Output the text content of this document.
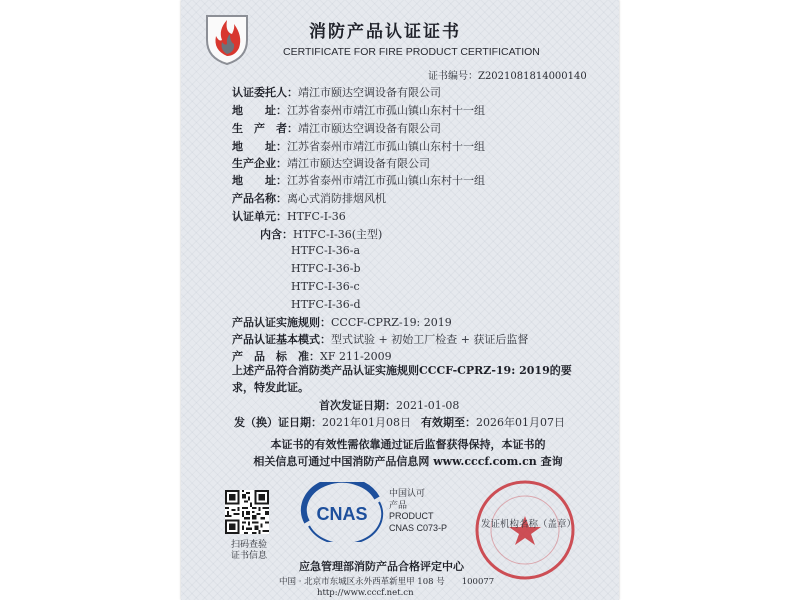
消防产品认证证书
CERTIFICATE FOR FIRE PRODUCT CERTIFICATION
证书编号：Z2021081814000140
认证委托人：靖江市颐达空调设备有限公司
地　　址：江苏省泰州市靖江市孤山镇山东村十一组
生　产　者：靖江市颐达空调设备有限公司
地　　址：江苏省泰州市靖江市孤山镇山东村十一组
生产企业：靖江市颐达空调设备有限公司
地　　址：江苏省泰州市靖江市孤山镇山东村十一组
产品名称：离心式消防排烟风机
认证单元：HTFC-Ⅰ-36
内含：HTFC-Ⅰ-36(主型)
HTFC-Ⅰ-36-a
HTFC-Ⅰ-36-b
HTFC-Ⅰ-36-c
HTFC-Ⅰ-36-d
产品认证实施规则：CCCF-CPRZ-19: 2019
产品认证基本模式：型式试验 + 初始工厂检查 + 获证后监督
产　品　标　准：XF 211-2009
上述产品符合消防类产品认证实施规则CCCF-CPRZ-19: 2019的要求，特发此证。
首次发证日期：2021-01-08
发（换）证日期：2021年01月08日 有效期至：2026年01月07日
本证书的有效性需依靠通过证后监督获得保持，本证书的
相关信息可通过中国消防产品信息网 www.cccf.com.cn 查询
扫码查验
证书信息
CNAS
中国认可
产品
PRODUCT
CNAS C073-P	发证机构名称（盖章）
应急管理部消防产品合格评定中心
中国 · 北京市东城区永外西革新里甲 108 号　　100077
http://www.cccf.net.cn
